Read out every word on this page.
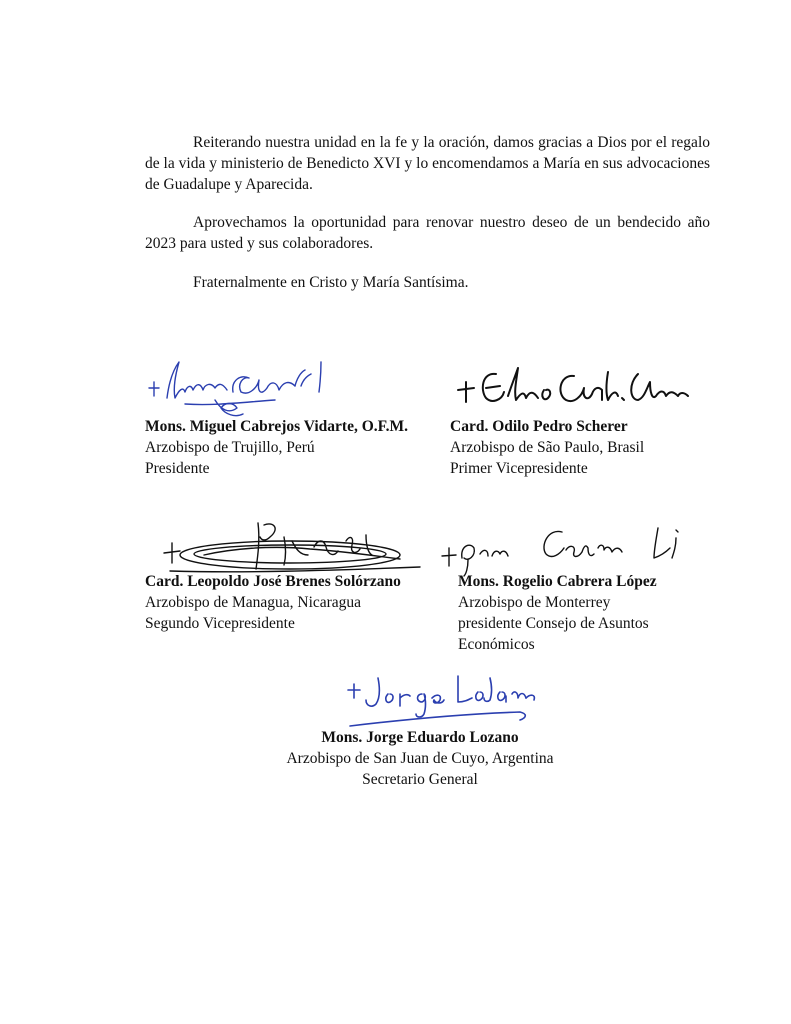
Reiterando nuestra unidad en la fe y la oración, damos gracias a Dios por el regalo de la vida y ministerio de Benedicto XVI y lo encomendamos a María en sus advocaciones de Guadalupe y Aparecida.

Aprovechamos la oportunidad para renovar nuestro deseo de un bendecido año 2023 para usted y sus colaboradores.

Fraternalmente en Cristo y María Santísima.

Mons. Miguel Cabrejos Vidarte, O.F.M.
Arzobispo de Trujillo, Perú
Presidente
Card. Odilo Pedro Scherer
Arzobispo de São Paulo, Brasil
Primer Vicepresidente
Card. Leopoldo José Brenes Solórzano
Arzobispo de Managua, Nicaragua
Segundo Vicepresidente
Mons. Rogelio Cabrera López
Arzobispo de Monterrey
presidente Consejo de Asuntos Económicos
Mons. Jorge Eduardo Lozano
Arzobispo de San Juan de Cuyo, Argentina
Secretario General
